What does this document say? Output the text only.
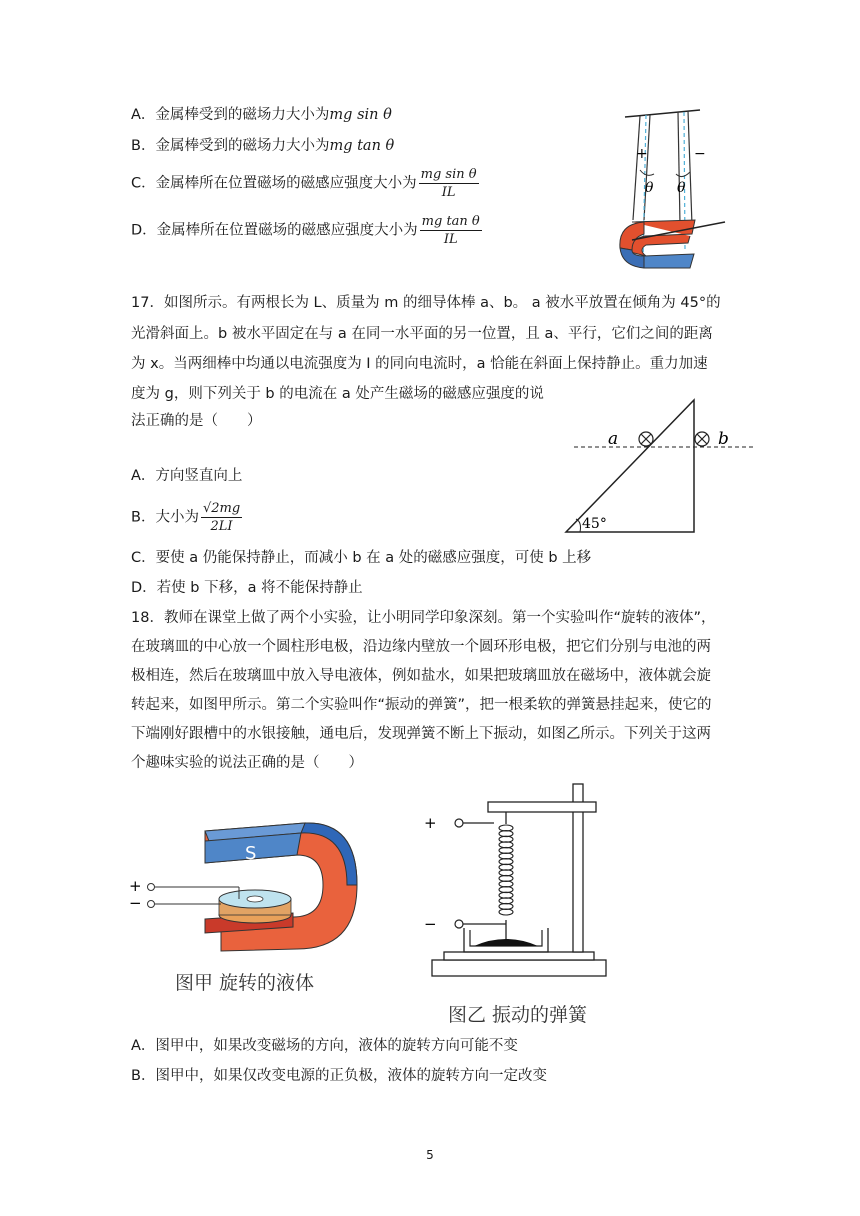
A．金属棒受到的磁场力大小为mg sin θ
B．金属棒受到的磁场力大小为mg tan θ
C．金属棒所在位置磁场的磁感应强度大小为 $\frac{\text{mg sin θ}}{IL}$
D．金属棒所在位置磁场的磁感应强度大小为 $\frac{\text{mg tan θ}}{IL}$
+	−
θ θ
17．如图所示。有两根长为 L、质量为 m 的细导体棒 a、b。 a 被水平放置在倾角为 45°的
光滑斜面上。b 被水平固定在与 a 在同一水平面的另一位置，且 a、平行，它们之间的距离
为 x。当两细棒中均通以电流强度为 I 的同向电流时，a 恰能在斜面上保持静止。重力加速
度为 g，则下列关于 b 的电流在 a 处产生磁场的磁感应强度的说
法正确的是（　　）
A．方向竖直向上
B．大小为 $\frac{√2mg}{2LI}$
C．要使 a 仍能保持静止，而减小 b 在 a 处的磁感应强度，可使 b 上移
D．若使 b 下移，a 将不能保持静止
a	b
45°
18．教师在课堂上做了两个小实验，让小明同学印象深刻。第一个实验叫作“旋转的液体”，
在玻璃皿的中心放一个圆柱形电极，沿边缘内壁放一个圆环形电极，把它们分别与电池的两
极相连，然后在玻璃皿中放入导电液体，例如盐水，如果把玻璃皿放在磁场中，液体就会旋
转起来，如图甲所示。第二个实验叫作“振动的弹簧”，把一根柔软的弹簧悬挂起来，使它的
下端刚好跟槽中的水银接触，通电后，发现弹簧不断上下振动，如图乙所示。下列关于这两
个趣味实验的说法正确的是（　　）
S
+
−
图甲 旋转的液体
+
−
图乙 振动的弹簧
A．图甲中，如果改变磁场的方向，液体的旋转方向可能不变
B．图甲中，如果仅改变电源的正负极，液体的旋转方向一定改变
5
